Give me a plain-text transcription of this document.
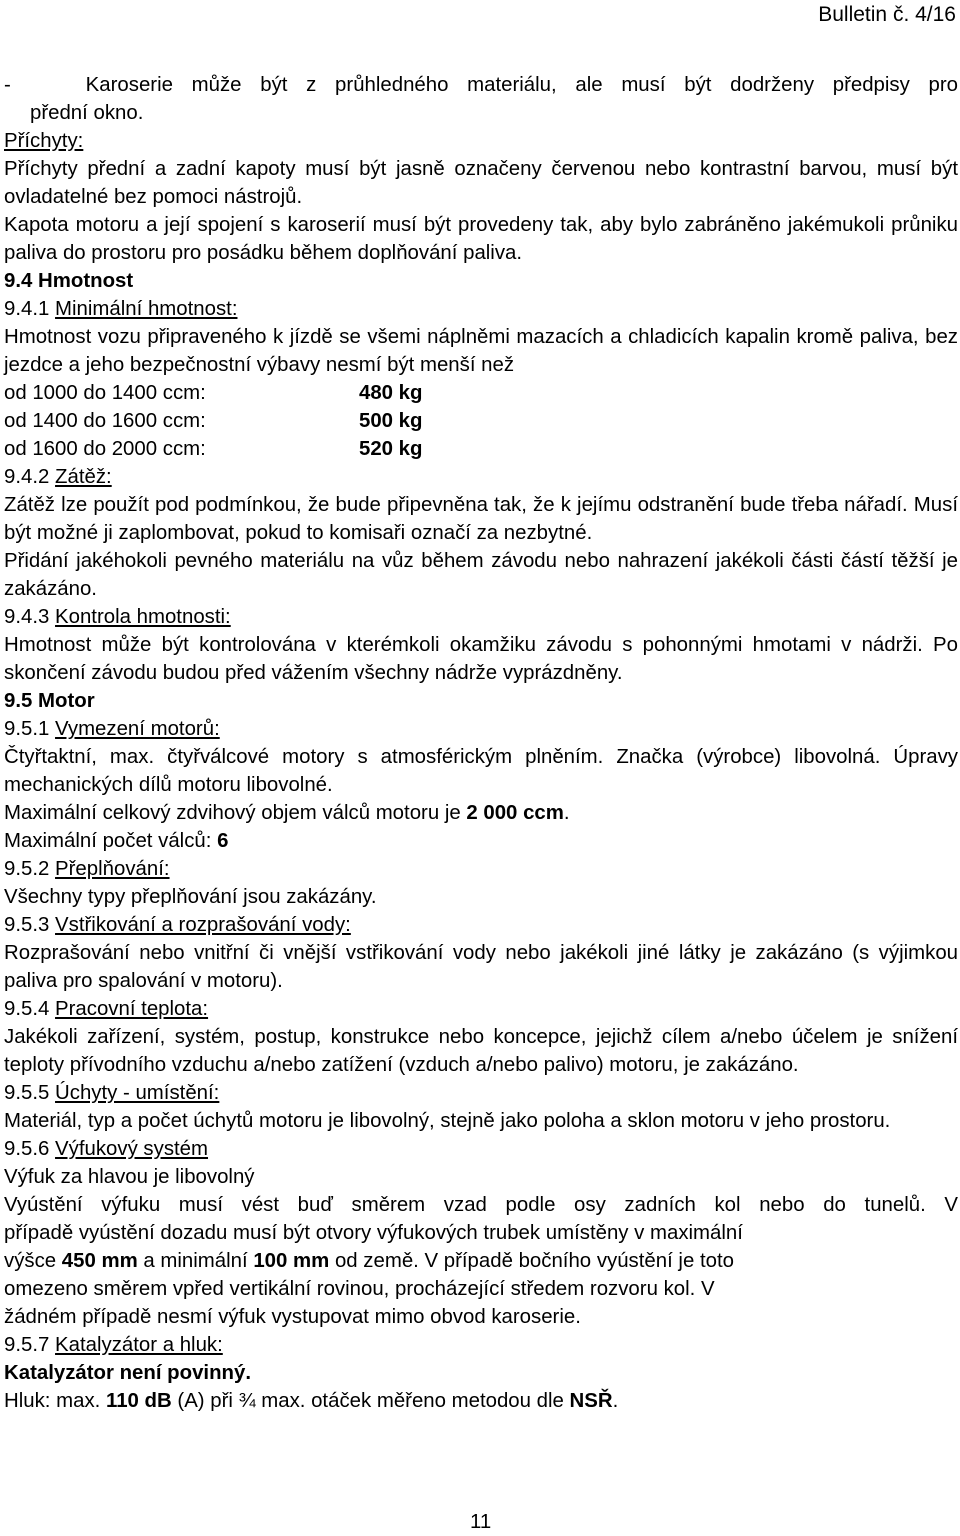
Bulletin č. 4/16

-	Karoserie může být z průhledného materiálu, ale musí být dodrženy předpisy pro

přední okno.

Příchyty:

Příchyty přední a zadní kapoty musí být jasně označeny červenou nebo kontrastní barvou, musí být ovladatelné bez pomoci nástrojů.

Kapota motoru a její spojení s karoserií musí být provedeny tak, aby bylo zabráněno jakémukoli průniku paliva do prostoru pro posádku během doplňování paliva.

9.4 Hmotnost

9.4.1 Minimální hmotnost:

Hmotnost vozu připraveného k jízdě se všemi náplněmi mazacích a chladicích kapalin kromě paliva, bez jezdce a jeho bezpečnostní výbavy nesmí být menší než

od 1000 do 1400 ccm:	480 kg
od 1400 do 1600 ccm:	500 kg
od 1600 do 2000 ccm:	520 kg

9.4.2 Zátěž:

Zátěž lze použít pod podmínkou, že bude připevněna tak, že k jejímu odstranění bude třeba nářadí. Musí být možné ji zaplombovat, pokud to komisaři označí za nezbytné.

Přidání jakéhokoli pevného materiálu na vůz během závodu nebo nahrazení jakékoli části částí těžší je zakázáno.

9.4.3 Kontrola hmotnosti:

Hmotnost může být kontrolována v kterémkoli okamžiku závodu s pohonnými hmotami v nádrži. Po skončení závodu budou před vážením všechny nádrže vyprázdněny.

9.5 Motor

9.5.1 Vymezení motorů:

Čtyřtaktní, max. čtyřválcové motory s atmosférickým plněním. Značka (výrobce) libovolná. Úpravy mechanických dílů motoru libovolné.

Maximální celkový zdvihový objem válců motoru je 2 000 ccm.

Maximální počet válců: 6

9.5.2 Přeplňování:

Všechny typy přeplňování jsou zakázány.

9.5.3 Vstřikování a rozprašování vody:

Rozprašování nebo vnitřní či vnější vstřikování vody nebo jakékoli jiné látky je zakázáno (s výjimkou paliva pro spalování v motoru).

9.5.4 Pracovní teplota:

Jakékoli zařízení, systém, postup, konstrukce nebo koncepce, jejichž cílem a/nebo účelem je snížení teploty přívodního vzduchu a/nebo zatížení (vzduch a/nebo palivo) motoru, je zakázáno.

9.5.5 Úchyty - umístění:

Materiál, typ a počet úchytů motoru je libovolný, stejně jako poloha a sklon motoru v jeho prostoru.

9.5.6 Výfukový systém

Výfuk za hlavou je libovolný

Vyústění výfuku musí vést buď směrem vzad podle osy zadních kol nebo do tunelů. V

případě vyústění dozadu musí být otvory výfukových trubek umístěny v maximální

výšce 450 mm a minimální 100 mm od země. V případě bočního vyústění je toto

omezeno směrem vpřed vertikální rovinou, procházející středem rozvoru kol. V

žádném případě nesmí výfuk vystupovat mimo obvod karoserie.

9.5.7 Katalyzátor a hluk:

Katalyzátor není povinný.

Hluk: max. 110 dB (A) při ¾ max. otáček měřeno metodou dle NSŘ.

11
